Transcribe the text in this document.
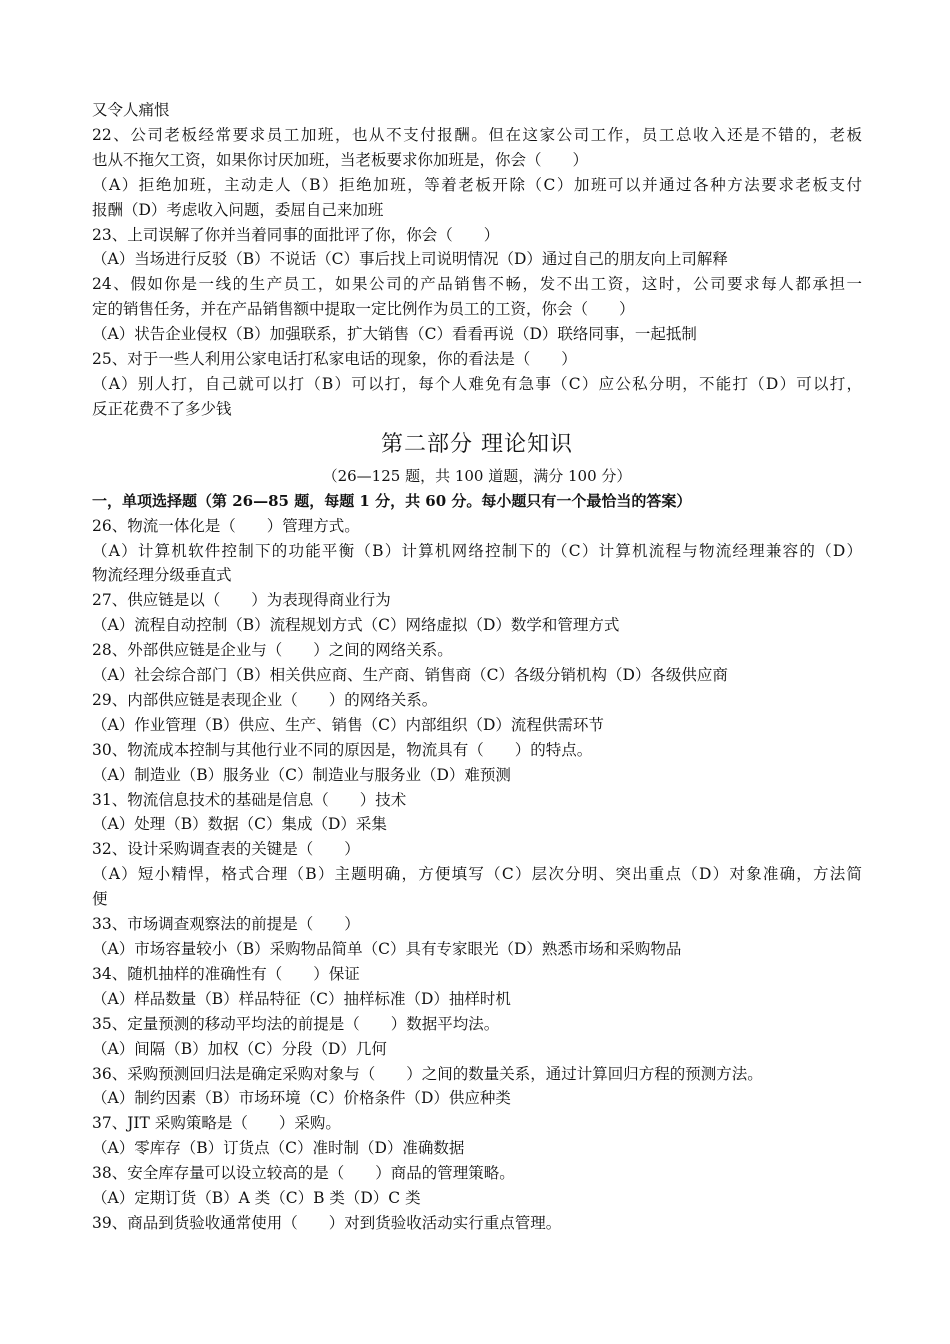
又令人痛恨
22、公司老板经常要求员工加班，也从不支付报酬。但在这家公司工作，员工总收入还是不错的，老板
也从不拖欠工资，如果你讨厌加班，当老板要求你加班是，你会（　　）
（A）拒绝加班，主动走人（B）拒绝加班，等着老板开除（C）加班可以并通过各种方法要求老板支付
报酬（D）考虑收入问题，委屈自己来加班
23、上司误解了你并当着同事的面批评了你，你会（　　）
（A）当场进行反驳（B）不说话（C）事后找上司说明情况（D）通过自己的朋友向上司解释
24、假如你是一线的生产员工，如果公司的产品销售不畅，发不出工资，这时，公司要求每人都承担一
定的销售任务，并在产品销售额中提取一定比例作为员工的工资，你会（　　）
（A）状告企业侵权（B）加强联系，扩大销售（C）看看再说（D）联络同事，一起抵制
25、对于一些人利用公家电话打私家电话的现象，你的看法是（　　）
（A）别人打，自己就可以打（B）可以打，每个人难免有急事（C）应公私分明，不能打（D）可以打，
反正花费不了多少钱
第二部分 理论知识
（26—125 题，共 100 道题，满分 100 分）
一，单项选择题（第 26—85 题，每题 1 分，共 60 分。每小题只有一个最恰当的答案）
26、物流一体化是（　　）管理方式。
（A）计算机软件控制下的功能平衡（B）计算机网络控制下的（C）计算机流程与物流经理兼容的（D）
物流经理分级垂直式
27、供应链是以（　　）为表现得商业行为
（A）流程自动控制（B）流程规划方式（C）网络虚拟（D）数学和管理方式
28、外部供应链是企业与（　　）之间的网络关系。
（A）社会综合部门（B）相关供应商、生产商、销售商（C）各级分销机构（D）各级供应商
29、内部供应链是表现企业（　　）的网络关系。
（A）作业管理（B）供应、生产、销售（C）内部组织（D）流程供需环节
30、物流成本控制与其他行业不同的原因是，物流具有（　　）的特点。
（A）制造业（B）服务业（C）制造业与服务业（D）难预测
31、物流信息技术的基础是信息（　　）技术
（A）处理（B）数据（C）集成（D）采集
32、设计采购调查表的关键是（　　）
（A）短小精悍，格式合理（B）主题明确，方便填写（C）层次分明、突出重点（D）对象准确，方法简
便
33、市场调查观察法的前提是（　　）
（A）市场容量较小（B）采购物品简单（C）具有专家眼光（D）熟悉市场和采购物品
34、随机抽样的准确性有（　　）保证
（A）样品数量（B）样品特征（C）抽样标准（D）抽样时机
35、定量预测的移动平均法的前提是（　　）数据平均法。
（A）间隔（B）加权（C）分段（D）几何
36、采购预测回归法是确定采购对象与（　　）之间的数量关系，通过计算回归方程的预测方法。
（A）制约因素（B）市场环境（C）价格条件（D）供应种类
37、JIT 采购策略是（　　）采购。
（A）零库存（B）订货点（C）准时制（D）准确数据
38、安全库存量可以设立较高的是（　　）商品的管理策略。
（A）定期订货（B）A 类（C）B 类（D）C 类
39、商品到货验收通常使用（　　）对到货验收活动实行重点管理。
